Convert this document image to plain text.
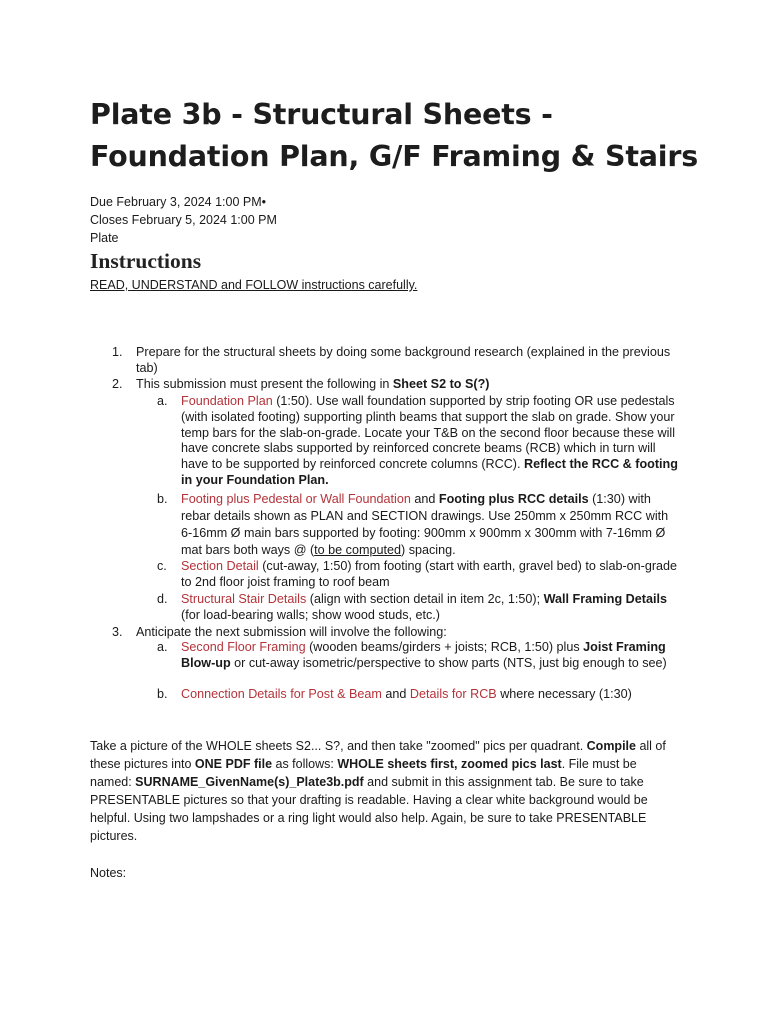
Plate 3b - Structural Sheets - Foundation Plan, G/F Framing & Stairs
Due February 3, 2024 1:00 PM•
Closes February 5, 2024 1:00 PM
Plate
Instructions
READ, UNDERSTAND and FOLLOW instructions carefully.
1. Prepare for the structural sheets by doing some background research (explained in the previous tab)
2. This submission must present the following in Sheet S2 to S(?)
a. Foundation Plan (1:50). Use wall foundation supported by strip footing OR use pedestals (with isolated footing) supporting plinth beams that support the slab on grade. Show your temp bars for the slab-on-grade. Locate your T&B on the second floor because these will have concrete slabs supported by reinforced concrete beams (RCB) which in turn will have to be supported by reinforced concrete columns (RCC). Reflect the RCC & footing in your Foundation Plan.
b. Footing plus Pedestal or Wall Foundation and Footing plus RCC details (1:30) with rebar details shown as PLAN and SECTION drawings. Use 250mm x 250mm RCC with 6-16mm Ø main bars supported by footing: 900mm x 900mm x 300mm with 7-16mm Ø mat bars both ways @ (to be computed) spacing.
c. Section Detail (cut-away, 1:50) from footing (start with earth, gravel bed) to slab-on-grade to 2nd floor joist framing to roof beam
d. Structural Stair Details (align with section detail in item 2c, 1:50); Wall Framing Details (for load-bearing walls; show wood studs, etc.)
3. Anticipate the next submission will involve the following:
a. Second Floor Framing (wooden beams/girders + joists; RCB, 1:50) plus Joist Framing Blow-up or cut-away isometric/perspective to show parts (NTS, just big enough to see)
b. Connection Details for Post & Beam and Details for RCB where necessary (1:30)
Take a picture of the WHOLE sheets S2... S?, and then take "zoomed" pics per quadrant. Compile all of these pictures into ONE PDF file as follows: WHOLE sheets first, zoomed pics last. File must be named: SURNAME_GivenName(s)_Plate3b.pdf and submit in this assignment tab. Be sure to take PRESENTABLE pictures so that your drafting is readable. Having a clear white background would be helpful. Using two lampshades or a ring light would also help. Again, be sure to take PRESENTABLE pictures.
Notes:
